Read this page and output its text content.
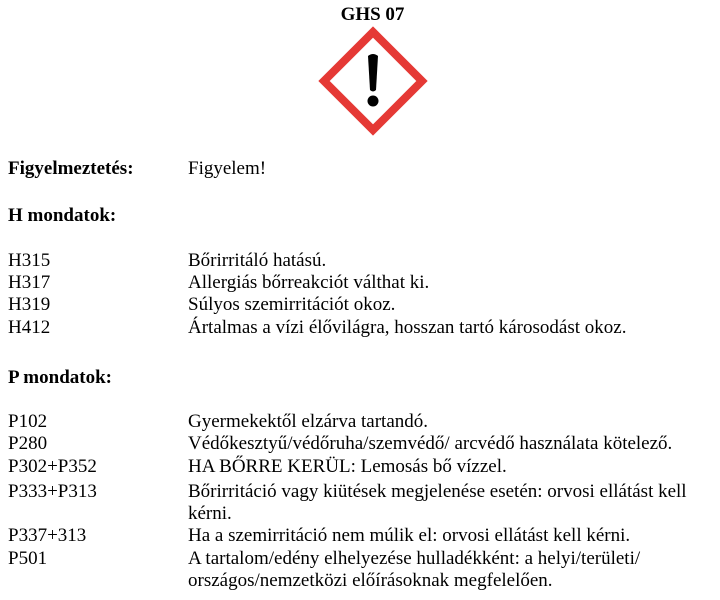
GHS 07
Figyelmeztetés:	Figyelem!
H mondatok:
H315	Bőrirritáló hatású.
H317	Allergiás bőrreakciót válthat ki.
H319	Súlyos szemirritációt okoz.
H412	Ártalmas a vízi élővilágra, hosszan tartó károsodást okoz.
P mondatok:
P102	Gyermekektől elzárva tartandó.
P280	Védőkesztyű/védőruha/szemvédő/ arcvédő használata kötelező.
P302+P352	HA BŐRRE KERÜL: Lemosás bő vízzel.
P333+P313	Bőrirritáció vagy kiütések megjelenése esetén: orvosi ellátást kell kérni.
P337+313	Ha a szemirritáció nem múlik el: orvosi ellátást kell kérni.
P501	A tartalom/edény elhelyezése hulladékként: a helyi/területi/ országos/nemzetközi előírásoknak megfelelően.
